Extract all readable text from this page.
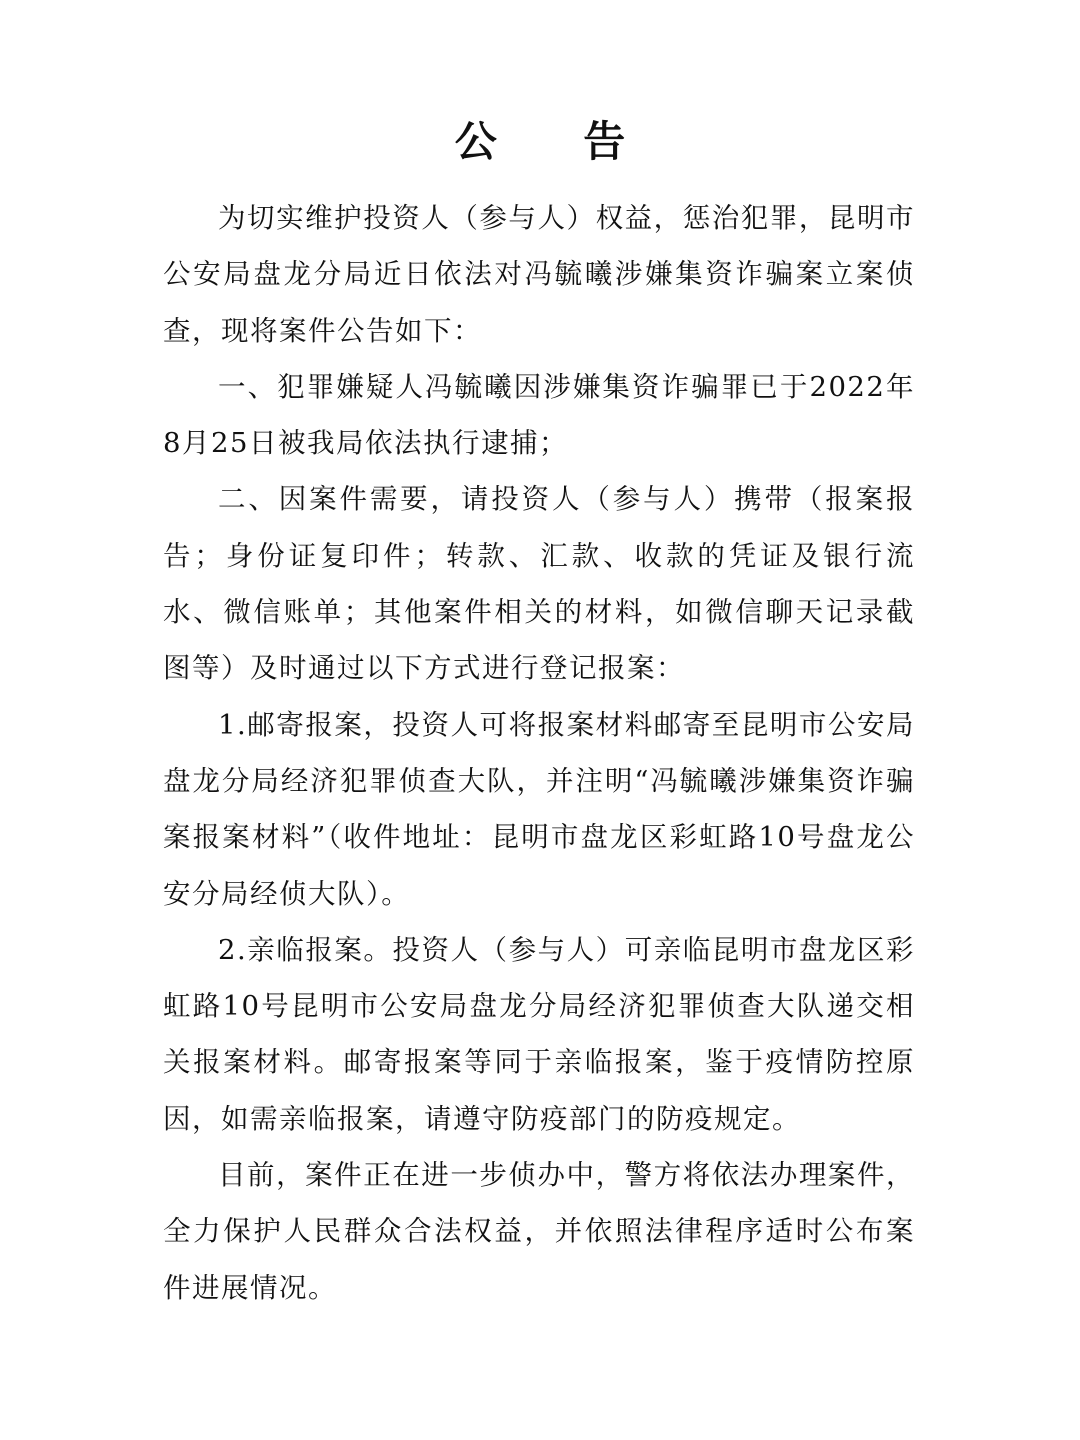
公 告

为切实维护投资人（参与人）权益，惩治犯罪，昆明市公安局盘龙分局近日依法对冯毓曦涉嫌集资诈骗案立案侦查，现将案件公告如下：

一、犯罪嫌疑人冯毓曦因涉嫌集资诈骗罪已于2022年8月25日被我局依法执行逮捕；

二、因案件需要，请投资人（参与人）携带（报案报告；身份证复印件；转款、汇款、收款的凭证及银行流水、微信账单；其他案件相关的材料，如微信聊天记录截图等）及时通过以下方式进行登记报案：

1.邮寄报案，投资人可将报案材料邮寄至昆明市公安局盘龙分局经济犯罪侦查大队，并注明“冯毓曦涉嫌集资诈骗案报案材料”（收件地址：昆明市盘龙区彩虹路10号盘龙公安分局经侦大队）。

2.亲临报案。投资人（参与人）可亲临昆明市盘龙区彩虹路10号昆明市公安局盘龙分局经济犯罪侦查大队递交相关报案材料。邮寄报案等同于亲临报案，鉴于疫情防控原因，如需亲临报案，请遵守防疫部门的防疫规定。

目前，案件正在进一步侦办中，警方将依法办理案件，全力保护人民群众合法权益，并依照法律程序适时公布案件进展情况。
